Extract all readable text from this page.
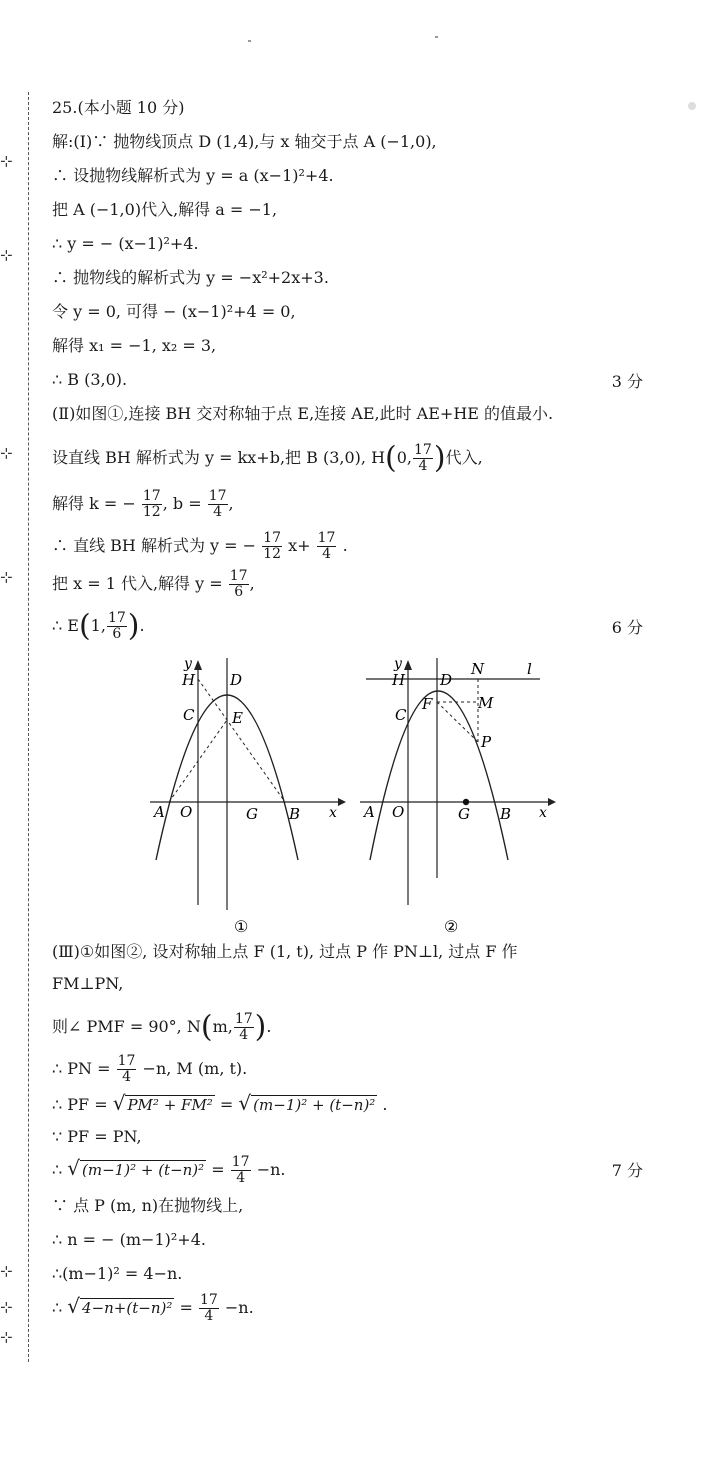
⊹
⊹
⊹
⊹
⊹
⊹
⊹
25.(本小题 10 分)
解:(Ⅰ)∵ 抛物线顶点 D (1,4),与 x 轴交于点 A (−1,0),
∴ 设抛物线解析式为 y = a (x−1)²+4.
把 A (−1,0)代入,解得 a = −1,
∴ y = − (x−1)²+4.
∴ 抛物线的解析式为 y = −x²+2x+3.
令 y = 0, 可得 − (x−1)²+4 = 0,
解得 x₁ = −1, x₂ = 3,
∴ B (3,0).	3 分
(Ⅱ)如图①,连接 BH 交对称轴于点 E,连接 AE,此时 AE+HE 的值最小.
设直线 BH 解析式为 y = kx+b,把 B (3,0), H(0, $\frac{17}{4}$ )代入,
解得 k = − $\frac{17}{12}$ , $b = \frac{17}{4}$ ,
∴ 直线 BH 解析式为 y = − $\frac{17}{12} x+ \frac{17}{4}$ .
把 x = 1 代入,解得 $y = \frac{17}{6}$ ,
∴ E(1, $\frac{17}{6}$ ).	6 分
y
H D
C	E
A O	G B x
①
y
H D
N	l
F	M
C
P
A O	G B x
②
(Ⅲ)①如图②, 设对称轴上点 F (1, t), 过点 P 作 PN⊥l, 过点 F 作
FM⊥PN,
则∠ PMF = 90°, N(m, $\frac{17}{4}$ ).
∴ PN = $\frac{17}{4} -n$, M (m, t).
∴ PF = √ PM² + FM² = √ (m−1)² + (t−n)² .
∵ PF = PN,
∴ √ $(m-1)^2 + (t-n)^2 = \frac{17}{4} -n$.	7 分
∵ 点 P (m, n)在抛物线上,
∴ n = − (m−1)²+4.
∴(m−1)² = 4−n.
∴ √ $4-n+(t-n)^2 = \frac{17}{4} -n$.
